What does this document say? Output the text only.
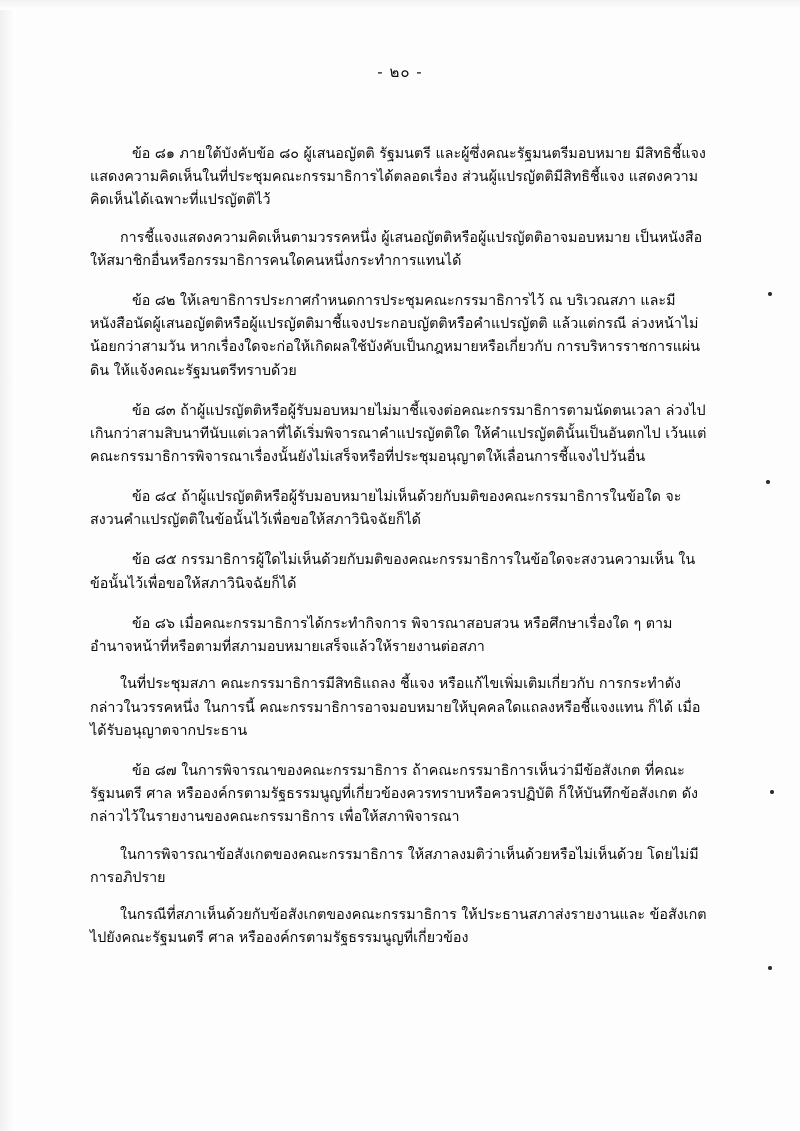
- ๒๐ -

ข้อ ๘๑ ภายใต้บังคับข้อ ๘๐ ผู้เสนอญัตติ รัฐมนตรี และผู้ซึ่งคณะรัฐมนตรีมอบหมาย มีสิทธิชี้แจงแสดงความคิดเห็นในที่ประชุมคณะกรรมาธิการได้ตลอดเรื่อง ส่วนผู้แปรญัตติมีสิทธิชี้แจง แสดงความคิดเห็นได้เฉพาะที่แปรญัตติไว้

การชี้แจงแสดงความคิดเห็นตามวรรคหนึ่ง ผู้เสนอญัตติหรือผู้แปรญัตติอาจมอบหมาย เป็นหนังสือให้สมาชิกอื่นหรือกรรมาธิการคนใดคนหนึ่งกระทำการแทนได้

ข้อ ๘๒ ให้เลขาธิการประกาศกำหนดการประชุมคณะกรรมาธิการไว้ ณ บริเวณสภา และมีหนังสือนัดผู้เสนอญัตติหรือผู้แปรญัตติมาชี้แจงประกอบญัตติหรือคำแปรญัตติ แล้วแต่กรณี ล่วงหน้าไม่น้อยกว่าสามวัน หากเรื่องใดจะก่อให้เกิดผลใช้บังคับเป็นกฎหมายหรือเกี่ยวกับ การบริหารราชการแผ่นดิน ให้แจ้งคณะรัฐมนตรีทราบด้วย

ข้อ ๘๓ ถ้าผู้แปรญัตติหรือผู้รับมอบหมายไม่มาชี้แจงต่อคณะกรรมาธิการตามนัดตนเวลา ล่วงไปเกินกว่าสามสิบนาทีนับแต่เวลาที่ได้เริ่มพิจารณาคำแปรญัตติใด ให้คำแปรญัตตินั้นเป็นอันตกไป เว้นแต่คณะกรรมาธิการพิจารณาเรื่องนั้นยังไม่เสร็จหรือที่ประชุมอนุญาตให้เลื่อนการชี้แจงไปวันอื่น

ข้อ ๘๔ ถ้าผู้แปรญัตติหรือผู้รับมอบหมายไม่เห็นด้วยกับมติของคณะกรรมาธิการในข้อใด จะสงวนคำแปรญัตติในข้อนั้นไว้เพื่อขอให้สภาวินิจฉัยก็ได้

ข้อ ๘๕ กรรมาธิการผู้ใดไม่เห็นด้วยกับมติของคณะกรรมาธิการในข้อใดจะสงวนความเห็น ในข้อนั้นไว้เพื่อขอให้สภาวินิจฉัยก็ได้

ข้อ ๘๖ เมื่อคณะกรรมาธิการได้กระทำกิจการ พิจารณาสอบสวน หรือศึกษาเรื่องใด ๆ ตามอำนาจหน้าที่หรือตามที่สภามอบหมายเสร็จแล้วให้รายงานต่อสภา

ในที่ประชุมสภา คณะกรรมาธิการมีสิทธิแถลง ชี้แจง หรือแก้ไขเพิ่มเติมเกี่ยวกับ การกระทำดังกล่าวในวรรคหนึ่ง ในการนี้ คณะกรรมาธิการอาจมอบหมายให้บุคคลใดแถลงหรือชี้แจงแทน ก็ได้ เมื่อได้รับอนุญาตจากประธาน

ข้อ ๘๗ ในการพิจารณาของคณะกรรมาธิการ ถ้าคณะกรรมาธิการเห็นว่ามีข้อสังเกต ที่คณะรัฐมนตรี ศาล หรือองค์กรตามรัฐธรรมนูญที่เกี่ยวข้องควรทราบหรือควรปฏิบัติ ก็ให้บันทึกข้อสังเกต ดังกล่าวไว้ในรายงานของคณะกรรมาธิการ เพื่อให้สภาพิจารณา

ในการพิจารณาข้อสังเกตของคณะกรรมาธิการ ให้สภาลงมติว่าเห็นด้วยหรือไม่เห็นด้วย โดยไม่มีการอภิปราย

ในกรณีที่สภาเห็นด้วยกับข้อสังเกตของคณะกรรมาธิการ ให้ประธานสภาส่งรายงานและ ข้อสังเกตไปยังคณะรัฐมนตรี ศาล หรือองค์กรตามรัฐธรรมนูญที่เกี่ยวข้อง
